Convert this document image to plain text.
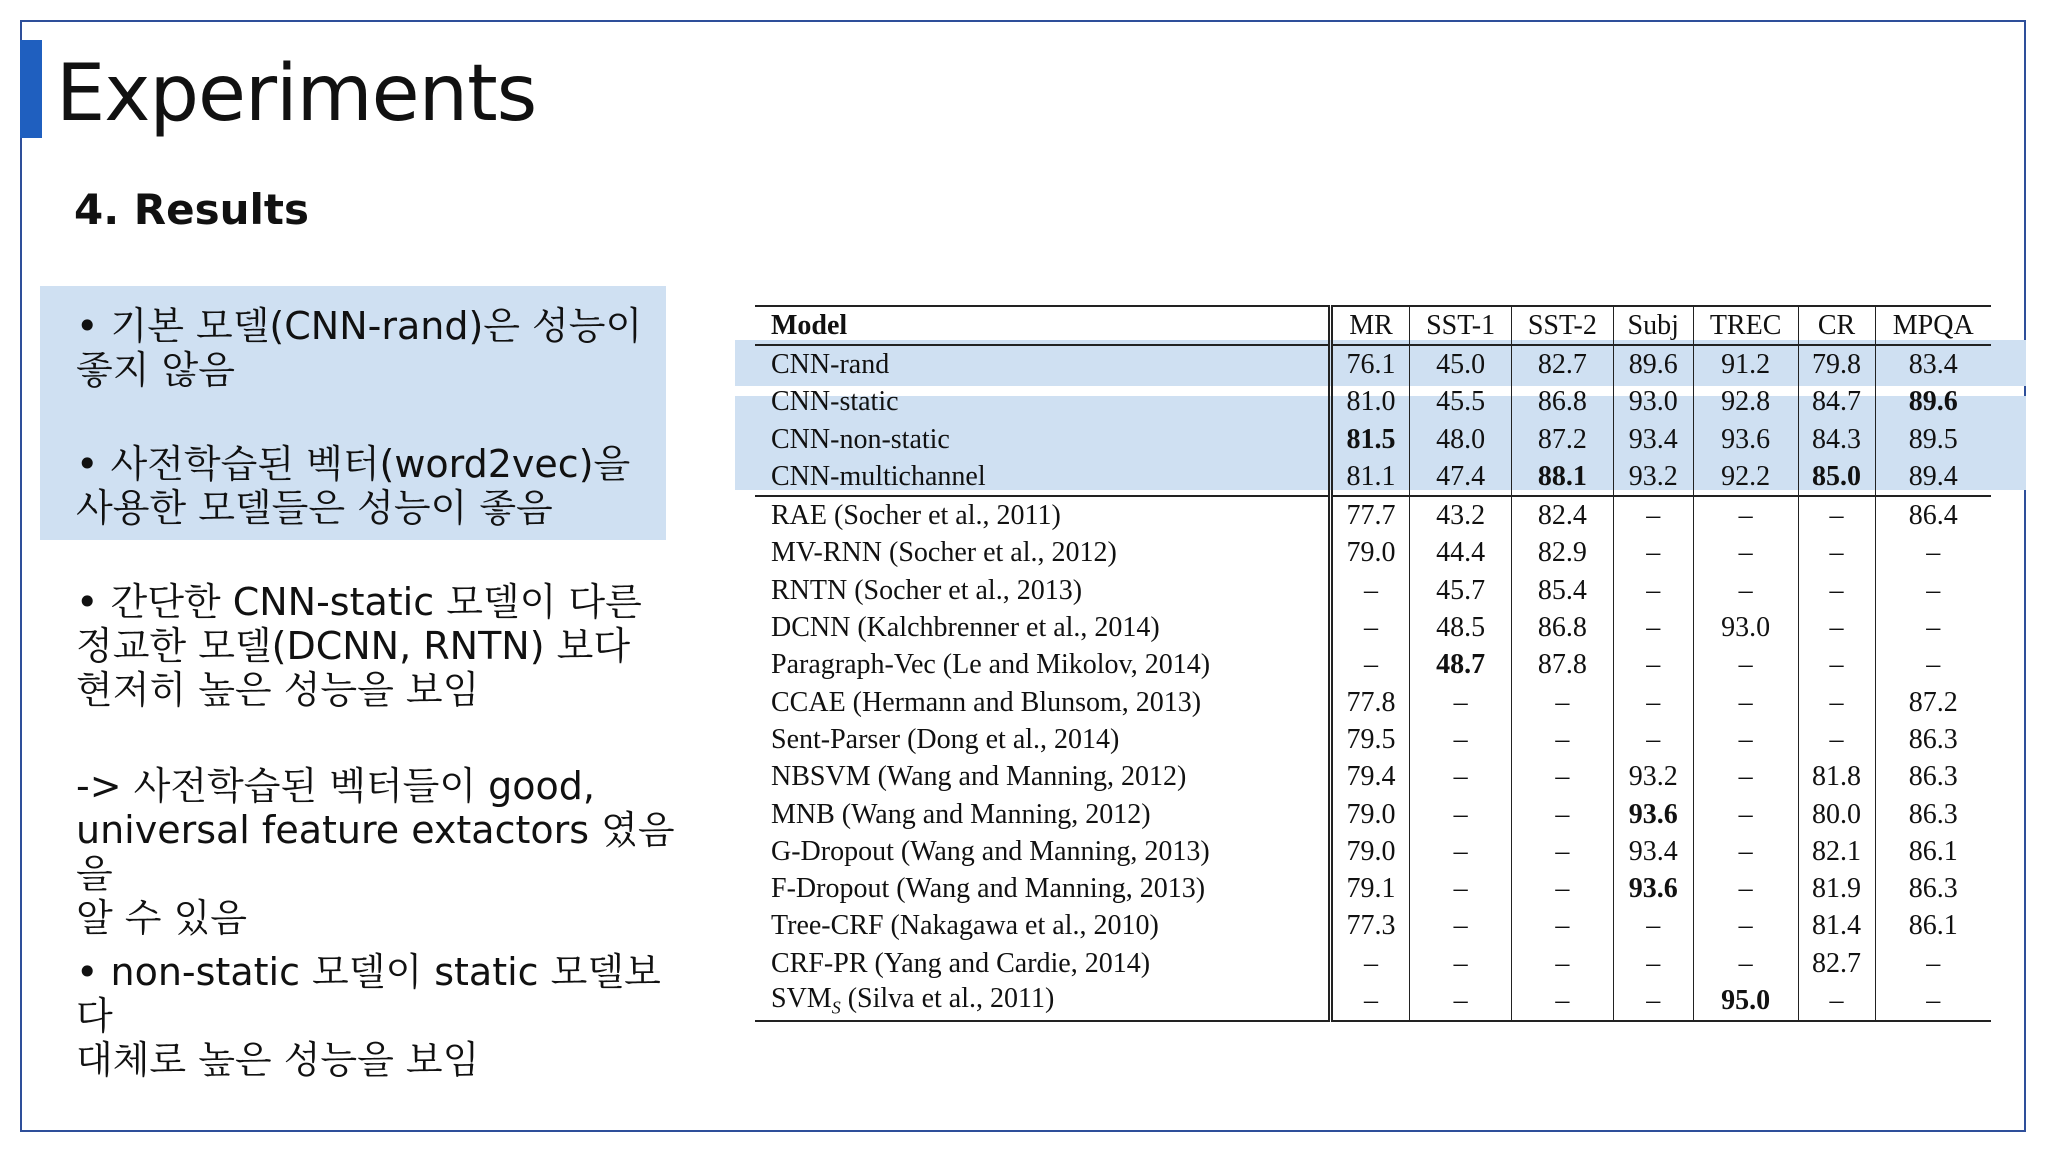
Experiments
4. Results

• 기본 모델(CNN-rand)은 성능이
좋지 않음

• 사전학습된 벡터(word2vec)을
사용한 모델들은 성능이 좋음

• 간단한 CNN-static 모델이 다른
정교한 모델(DCNN, RNTN) 보다
현저히 높은 성능을 보임

-> 사전학습된 벡터들이 good,
universal feature extactors 였음을
알 수 있음

• non-static 모델이 static 모델보다
대체로 높은 성능을 보임

Model	MR	SST-1	SST-2	Subj	TREC	CR	MPQA
CNN-rand	76.1	45.0	82.7	89.6	91.2	79.8	83.4
CNN-static	81.0	45.5	86.8	93.0	92.8	84.7	89.6
CNN-non-static	81.5	48.0	87.2	93.4	93.6	84.3	89.5
CNN-multichannel	81.1	47.4	88.1	93.2	92.2	85.0	89.4
RAE (Socher et al., 2011)	77.7	43.2	82.4	–	–	–	86.4
MV-RNN (Socher et al., 2012)	79.0	44.4	82.9	–	–	–	–
RNTN (Socher et al., 2013)	–	45.7	85.4	–	–	–	–
DCNN (Kalchbrenner et al., 2014)	–	48.5	86.8	–	93.0	–	–
Paragraph-Vec (Le and Mikolov, 2014)	–	48.7	87.8	–	–	–	–
CCAE (Hermann and Blunsom, 2013)	77.8	–	–	–	–	–	87.2
Sent-Parser (Dong et al., 2014)	79.5	–	–	–	–	–	86.3
NBSVM (Wang and Manning, 2012)	79.4	–	–	93.2	–	81.8	86.3
MNB (Wang and Manning, 2012)	79.0	–	–	93.6	–	80.0	86.3
G-Dropout (Wang and Manning, 2013)	79.0	–	–	93.4	–	82.1	86.1
F-Dropout (Wang and Manning, 2013)	79.1	–	–	93.6	–	81.9	86.3
Tree-CRF (Nakagawa et al., 2010)	77.3	–	–	–	–	81.4	86.1
CRF-PR (Yang and Cardie, 2014)	–	–	–	–	–	82.7	–
$SVM_S$ (Silva et al., 2011)	–	–	–	–	95.0	–	–
